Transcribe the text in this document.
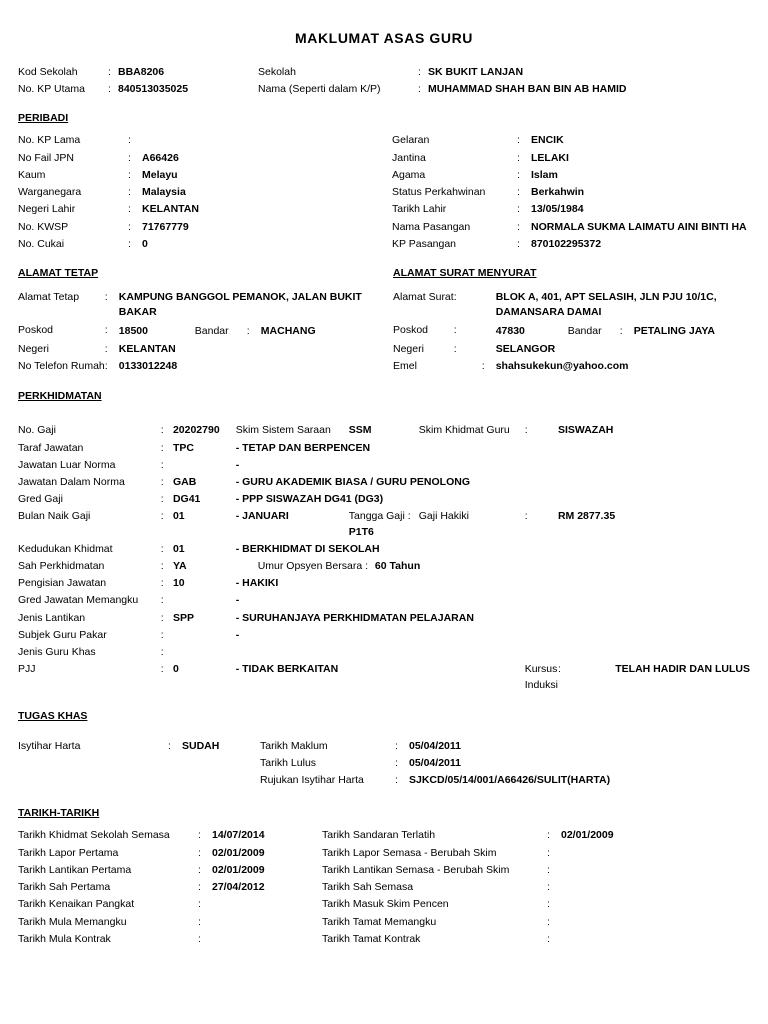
MAKLUMAT ASAS GURU
Kod Sekolah	:	BBA8206	Sekolah	:	SK BUKIT LANJAN
No. KP Utama	:	840513035025	Nama (Seperti dalam K/P)	:	MUHAMMAD SHAH BAN BIN AB HAMID
PERIBADI
No. KP Lama	:		Gelaran	:	ENCIK
No Fail JPN	:	A66426	Jantina	:	LELAKI
Kaum	:	Melayu	Agama	:	Islam
Warganegara	:	Malaysia	Status Perkahwinan	:	Berkahwin
Negeri Lahir	:	KELANTAN	Tarikh Lahir	:	13/05/1984
No. KWSP	:	71767779	Nama Pasangan	:	NORMALA SUKMA LAIMATU AINI BINTI HA
No. Cukai	:	0	KP Pasangan	:	870102295372
ALAMAT TETAP	ALAMAT SURAT MENYURAT

Alamat Tetap	:	KAMPUNG BANGGOL PEMANOK, JALAN BUKIT BAKAR
Poskod	:	18500	Bandar	:	MACHANG

Negeri	:	KELANTAN
No Telefon Rumah	:	0133012248

Alamat Surat	:	BLOK A, 401, APT SELASIH, JLN PJU 10/1C, DAMANSARA DAMAI
Poskod	:		47830	Bandar	:	PETALING JAYA

Negeri	:	SELANGOR
Emel	:	shahsukekun@yahoo.com
PERKHIDMATAN

No. Gaji	:	20202790	Skim Sistem Saraan	SSM	Skim Khidmat Guru	:	SISWAZAH	
Taraf Jawatan	:	TPC	- TETAP DAN BERPENCEN					
Jawatan Luar Norma	:		-					
Jawatan Dalam Norma	:	GAB	- GURU AKADEMIK BIASA / GURU PENOLONG					
Gred Gaji	:	DG41	- PPP SISWAZAH DG41 (DG3)					
Bulan Naik Gaji	:	01	- JANUARI	Tangga Gaji : P1T6	Gaji Hakiki	:	RM 2877.35	
Kedudukan Khidmat	:	01	- BERKHIDMAT DI SEKOLAH					
Sah Perkhidmatan	:	YA	Umur Opsyen Bersara : 60 Tahun					
Pengisian Jawatan	:	10	- HAKIKI					
Gred Jawatan Memangku	:		-					
Jenis Lantikan	:	SPP	- SURUHANJAYA PERKHIDMATAN PELAJARAN					
Subjek Guru Pakar	:		-					
Jenis Guru Khas	:							
PJJ	:	0	- TIDAK BERKAITAN			Kursus Induksi	:	TELAH HADIR DAN LULUS
TUGAS KHAS
Isytihar Harta	:	SUDAH	Tarikh Maklum	:	05/04/2011
			Tarikh Lulus	:	05/04/2011
			Rujukan Isytihar Harta	:	SJKCD/05/14/001/A66426/SULIT(HARTA)
TARIKH-TARIKH
Tarikh Khidmat Sekolah Semasa	:	14/07/2014	Tarikh Sandaran Terlatih	:	02/01/2009
Tarikh Lapor Pertama	:	02/01/2009	Tarikh Lapor Semasa - Berubah Skim	:	
Tarikh Lantikan Pertama	:	02/01/2009	Tarikh Lantikan Semasa - Berubah Skim	:	
Tarikh Sah Pertama	:	27/04/2012	Tarikh Sah Semasa	:	
Tarikh Kenaikan Pangkat	:		Tarikh Masuk Skim Pencen	:	
Tarikh Mula Memangku	:		Tarikh Tamat Memangku	:	
Tarikh Mula Kontrak	:		Tarikh Tamat Kontrak	:	
